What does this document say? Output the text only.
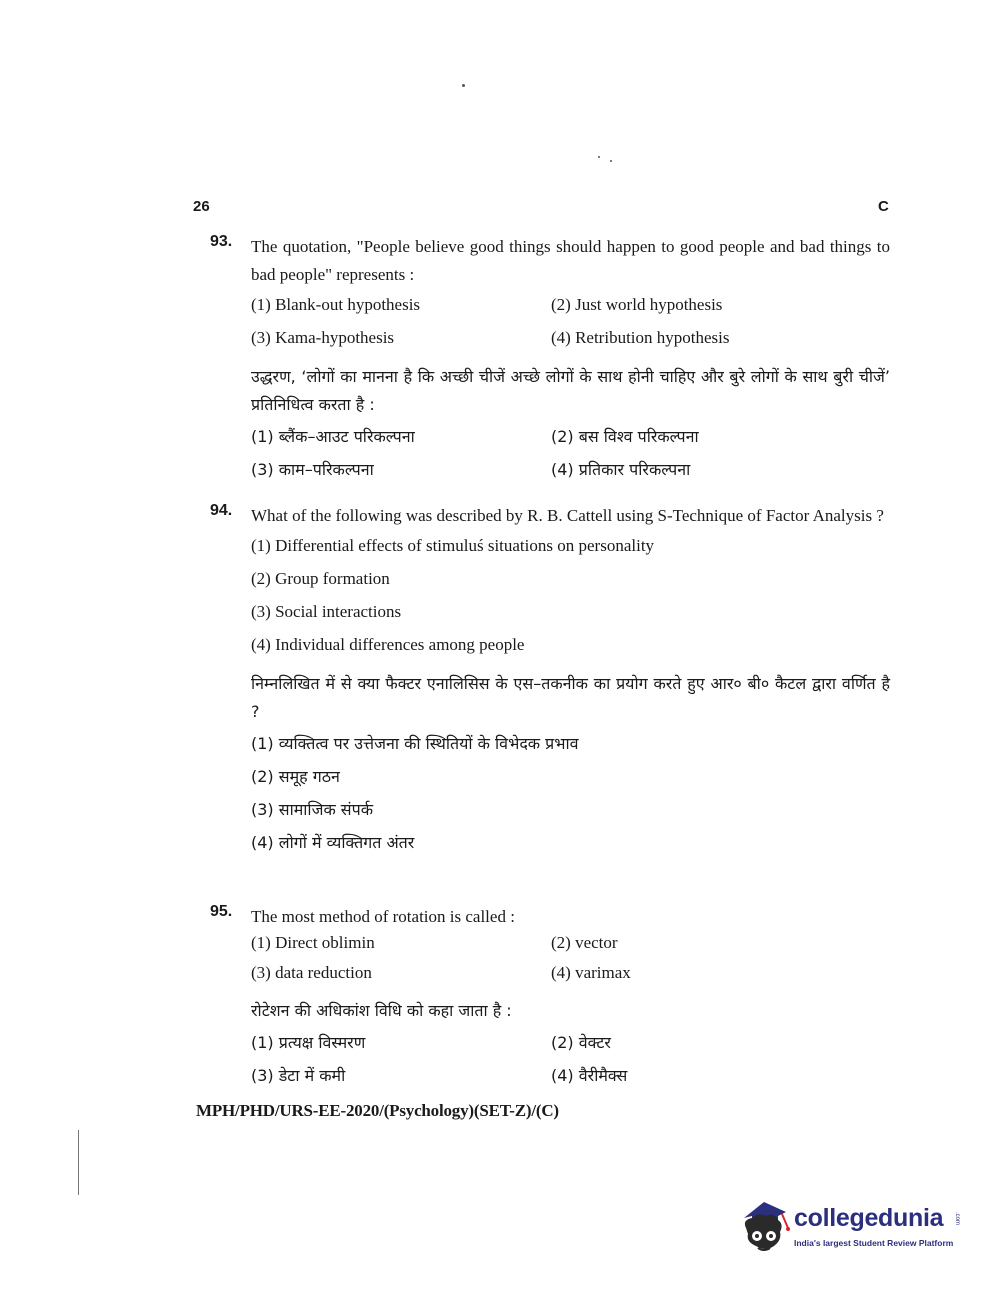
26	C
93. The quotation, "People believe good things should happen to good people and bad things to bad people" represents :
(1) Blank-out hypothesis	(2) Just world hypothesis
(3) Kama-hypothesis	(4) Retribution hypothesis
उद्धरण, ‘लोगों का मानना है कि अच्छी चीजें अच्छे लोगों के साथ होनी चाहिए और बुरे लोगों के साथ बुरी चीजें’ प्रतिनिधित्व करता है :
(1) ब्लैंक–आउट परिकल्पना	(2) बस विश्व परिकल्पना
(3) काम–परिकल्पना	(4) प्रतिकार परिकल्पना
94. What of the following was described by R. B. Cattell using S-Technique of Factor Analysis ?
(1) Differential effects of stimuluś situations on personality
(2) Group formation
(3) Social interactions
(4) Individual differences among people
निम्नलिखित में से क्या फैक्टर एनालिसिस के एस–तकनीक का प्रयोग करते हुए आर० बी० कैटल द्वारा वर्णित है ?
(1) व्यक्तित्व पर उत्तेजना की स्थितियों के विभेदक प्रभाव
(2) समूह गठन
(3) सामाजिक संपर्क
(4) लोगों में व्यक्तिगत अंतर
95. The most method of rotation is called :
(1) Direct oblimin	(2) vector
(3) data reduction	(4) varimax
रोटेशन की अधिकांश विधि को कहा जाता है :
(1) प्रत्यक्ष विस्मरण	(2) वेक्टर
(3) डेटा में कमी	(4) वैरीमैक्स
MPH/PHD/URS-EE-2020/(Psychology)(SET-Z)/(C)
collegedunia .com
India's largest Student Review Platform
